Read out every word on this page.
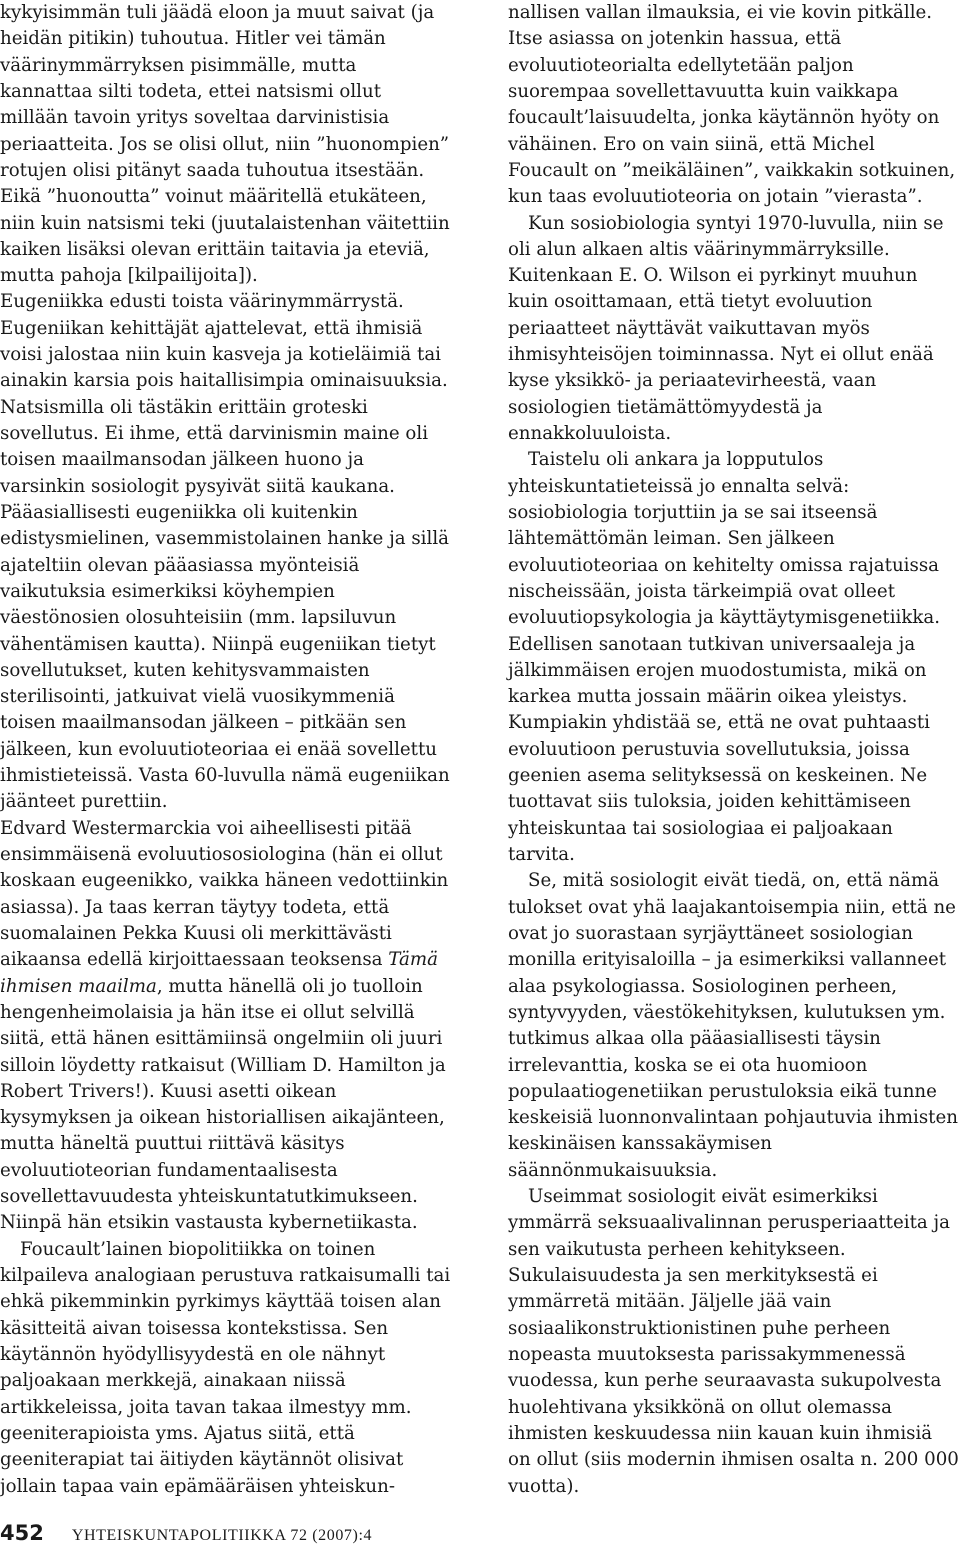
kykyisimmän tuli jäädä eloon ja muut saivat (ja heidän pitikin) tuhoutua. Hitler vei tämän väärinymmärryksen pisimmälle, mutta kannattaa silti todeta, ettei natsismi ollut millään tavoin yritys soveltaa darvinistisia periaatteita. Jos se olisi ollut, niin ”huonompien” rotujen olisi pitänyt saada tuhoutua itsestään. Eikä ”huonoutta” voinut määritellä etukäteen, niin kuin natsismi teki (juutalaistenhan väitettiin kaiken lisäksi olevan erittäin taitavia ja eteviä, mutta pahoja [kilpailijoita]).

Eugeniikka edusti toista väärinymmärrystä. Eugeniikan kehittäjät ajattelevat, että ihmisiä voisi jalostaa niin kuin kasveja ja kotieläimiä tai ainakin karsia pois haitallisimpia ominaisuuksia. Natsismilla oli tästäkin erittäin groteski sovellutus. Ei ihme, että darvinismin maine oli toisen maailmansodan jälkeen huono ja varsinkin sosiologit pysyivät siitä kaukana. Pääasiallisesti eugeniikka oli kuitenkin edistysmielinen, vasemmistolainen hanke ja sillä ajateltiin olevan pääasiassa myönteisiä vaikutuksia esimerkiksi köyhempien väestönosien olosuhteisiin (mm. lapsiluvun vähentämisen kautta). Niinpä eugeniikan tietyt sovellutukset, kuten kehitysvammaisten sterilisointi, jatkuivat vielä vuosikymmeniä toisen maailmansodan jälkeen – pitkään sen jälkeen, kun evoluutioteoriaa ei enää sovellettu ihmistieteissä. Vasta 60-luvulla nämä eugeniikan jäänteet purettiin.

Edvard Westermarckia voi aiheellisesti pitää ensimmäisenä evoluutiososiologina (hän ei ollut koskaan eugeenikko, vaikka häneen vedottiinkin asiassa). Ja taas kerran täytyy todeta, että suomalainen Pekka Kuusi oli merkittävästi aikaansa edellä kirjoittaessaan teoksensa Tämä ihmisen maailma, mutta hänellä oli jo tuolloin hengenheimolaisia ja hän itse ei ollut selvillä siitä, että hänen esittämiinsä ongelmiin oli juuri silloin löydetty ratkaisut (William D. Hamilton ja Robert Trivers!). Kuusi asetti oikean kysymyksen ja oikean historiallisen aikajänteen, mutta häneltä puuttui riittävä käsitys evoluutioteorian fundamentaalisesta sovellettavuudesta yhteiskuntatutkimukseen. Niinpä hän etsikin vastausta kybernetiikasta.

Foucault’lainen biopolitiikka on toinen kilpaileva analogiaan perustuva ratkaisumalli tai ehkä pikemminkin pyrkimys käyttää toisen alan käsitteitä aivan toisessa kontekstissa. Sen käytännön hyödyllisyydestä en ole nähnyt paljoakaan merkkejä, ainakaan niissä artikkeleissa, joita tavan takaa ilmestyy mm. geeniterapioista yms. Ajatus siitä, että geeniterapiat tai äitiyden käytännöt olisivat jollain tapaa vain epämääräisen yhteiskun-

nallisen vallan ilmauksia, ei vie kovin pitkälle. Itse asiassa on jotenkin hassua, että evoluutioteorialta edellytetään paljon suorempaa sovellettavuutta kuin vaikkapa foucault’laisuudelta, jonka käytännön hyöty on vähäinen. Ero on vain siinä, että Michel Foucault on ”meikäläinen”, vaikkakin sotkuinen, kun taas evoluutioteoria on jotain ”vierasta”.

Kun sosiobiologia syntyi 1970-luvulla, niin se oli alun alkaen altis väärinymmärryksille. Kuitenkaan E. O. Wilson ei pyrkinyt muuhun kuin osoittamaan, että tietyt evoluution periaatteet näyttävät vaikuttavan myös ihmisyhteisöjen toiminnassa. Nyt ei ollut enää kyse yksikkö- ja periaatevirheestä, vaan sosiologien tietämättömyydestä ja ennakkoluuloista.

Taistelu oli ankara ja lopputulos yhteiskuntatieteissä jo ennalta selvä: sosiobiologia torjuttiin ja se sai itseensä lähtemättömän leiman. Sen jälkeen evoluutioteoriaa on kehitelty omissa rajatuissa nischeissään, joista tärkeimpiä ovat olleet evoluutiopsykologia ja käyttäytymisgenetiikka. Edellisen sanotaan tutkivan universaaleja ja jälkimmäisen erojen muodostumista, mikä on karkea mutta jossain määrin oikea yleistys. Kumpiakin yhdistää se, että ne ovat puhtaasti evoluutioon perustuvia sovellutuksia, joissa geenien asema selityksessä on keskeinen. Ne tuottavat siis tuloksia, joiden kehittämiseen yhteiskuntaa tai sosiologiaa ei paljoakaan tarvita.

Se, mitä sosiologit eivät tiedä, on, että nämä tulokset ovat yhä laajakantoisempia niin, että ne ovat jo suorastaan syrjäyttäneet sosiologian monilla erityisaloilla – ja esimerkiksi vallanneet alaa psykologiassa. Sosiologinen perheen, syntyvyyden, väestökehityksen, kulutuksen ym. tutkimus alkaa olla pääasiallisesti täysin irrelevanttia, koska se ei ota huomioon populaatiogenetiikan perustuloksia eikä tunne keskeisiä luonnonvalintaan pohjautuvia ihmisten keskinäisen kanssakäymisen säännönmukaisuuksia.

Useimmat sosiologit eivät esimerkiksi ymmärrä seksuaalivalinnan perusperiaatteita ja sen vaikutusta perheen kehitykseen. Sukulaisuudesta ja sen merkityksestä ei ymmärretä mitään. Jäljelle jää vain sosiaalikonstruktionistinen puhe perheen nopeasta muutoksesta parissakymmenessä vuodessa, kun perhe seuraavasta sukupolvesta huolehtivana yksikkönä on ollut olemassa ihmisten keskuudessa niin kauan kuin ihmisiä on ollut (siis modernin ihmisen osalta n. 200 000 vuotta).

452 YHTEISKUNTAPOLITIIKKA 72 (2007):4
